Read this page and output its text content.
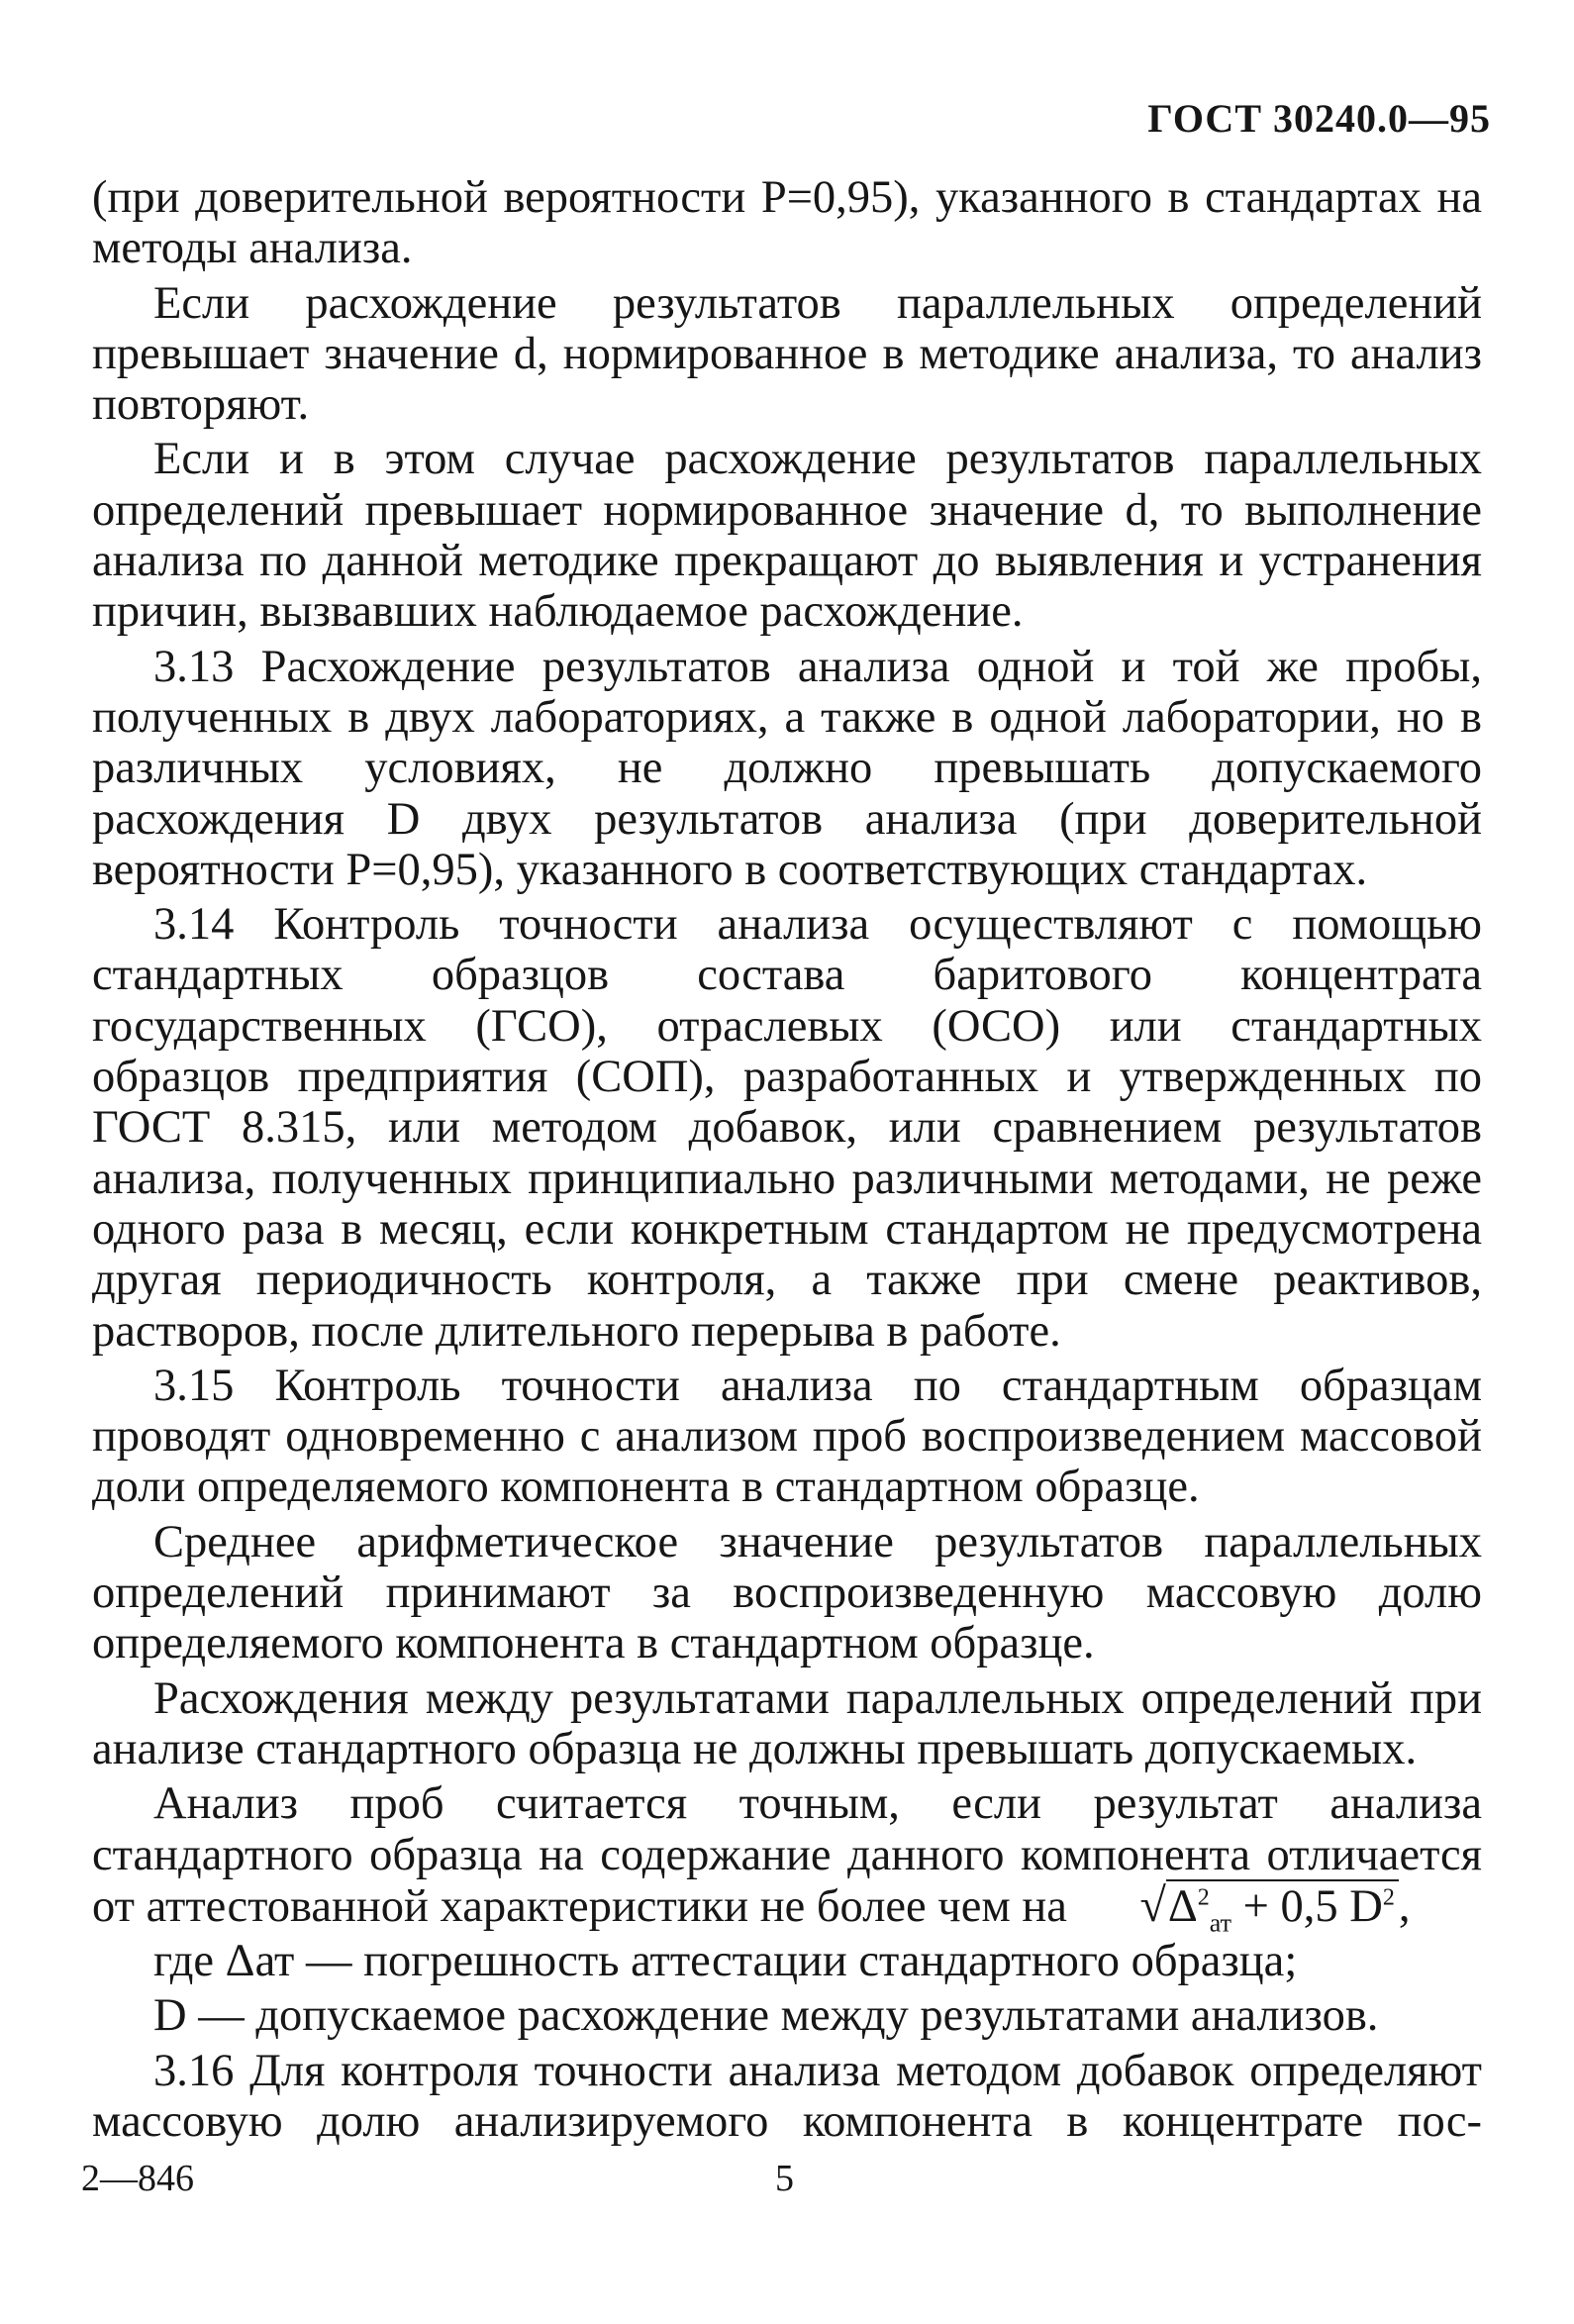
ГОСТ 30240.0—95

(при доверительной вероятности P=0,95), указанного в стандартах на методы анализа.

Если расхождение результатов параллельных определений превышает значение d, нормированное в методике анализа, то анализ повторяют.

Если и в этом случае расхождение результатов параллельных определений превышает нормированное значение d, то выполнение анализа по данной методике прекращают до выявления и устранения причин, вызвавших наблюдаемое расхождение.

3.13 Расхождение результатов анализа одной и той же пробы, полученных в двух лабораториях, а также в одной лаборатории, но в различных условиях, не должно превышать допускаемого расхождения D двух результатов анализа (при доверительной вероятности P=0,95), указанного в соответствующих стандартах.

3.14 Контроль точности анализа осуществляют с помощью стандартных образцов состава баритового концентрата государственных (ГСО), отраслевых (ОСО) или стандартных образцов предприятия (СОП), разработанных и утвержденных по ГОСТ 8.315, или методом добавок, или сравнением результатов анализа, полученных принципиально различными методами, не реже одного раза в месяц, если конкретным стандартом не предусмотрена другая периодичность контроля, а также при смене реактивов, растворов, после длительного перерыва в работе.

3.15 Контроль точности анализа по стандартным образцам проводят одновременно с анализом проб воспроизведением массовой доли определяемого компонента в стандартном образце.

Среднее арифметическое значение результатов параллельных определений принимают за воспроизведенную массовую долю определяемого компонента в стандартном образце.

Расхождения между результатами параллельных определений при анализе стандартного образца не должны превышать допускаемых.

Анализ проб считается точным, если результат анализа стандартного образца на содержание данного компонента отличается от аттестованной характеристики не более чем на $√\Delta^2_{ат} + 0,5$ $D^2$,

где Δат — погрешность аттестации стандартного образца;

D — допускаемое расхождение между результатами анализов.

3.16 Для контроля точности анализа методом добавок определяют массовую долю анализируемого компонента в концентрате пос-

2—846	5
